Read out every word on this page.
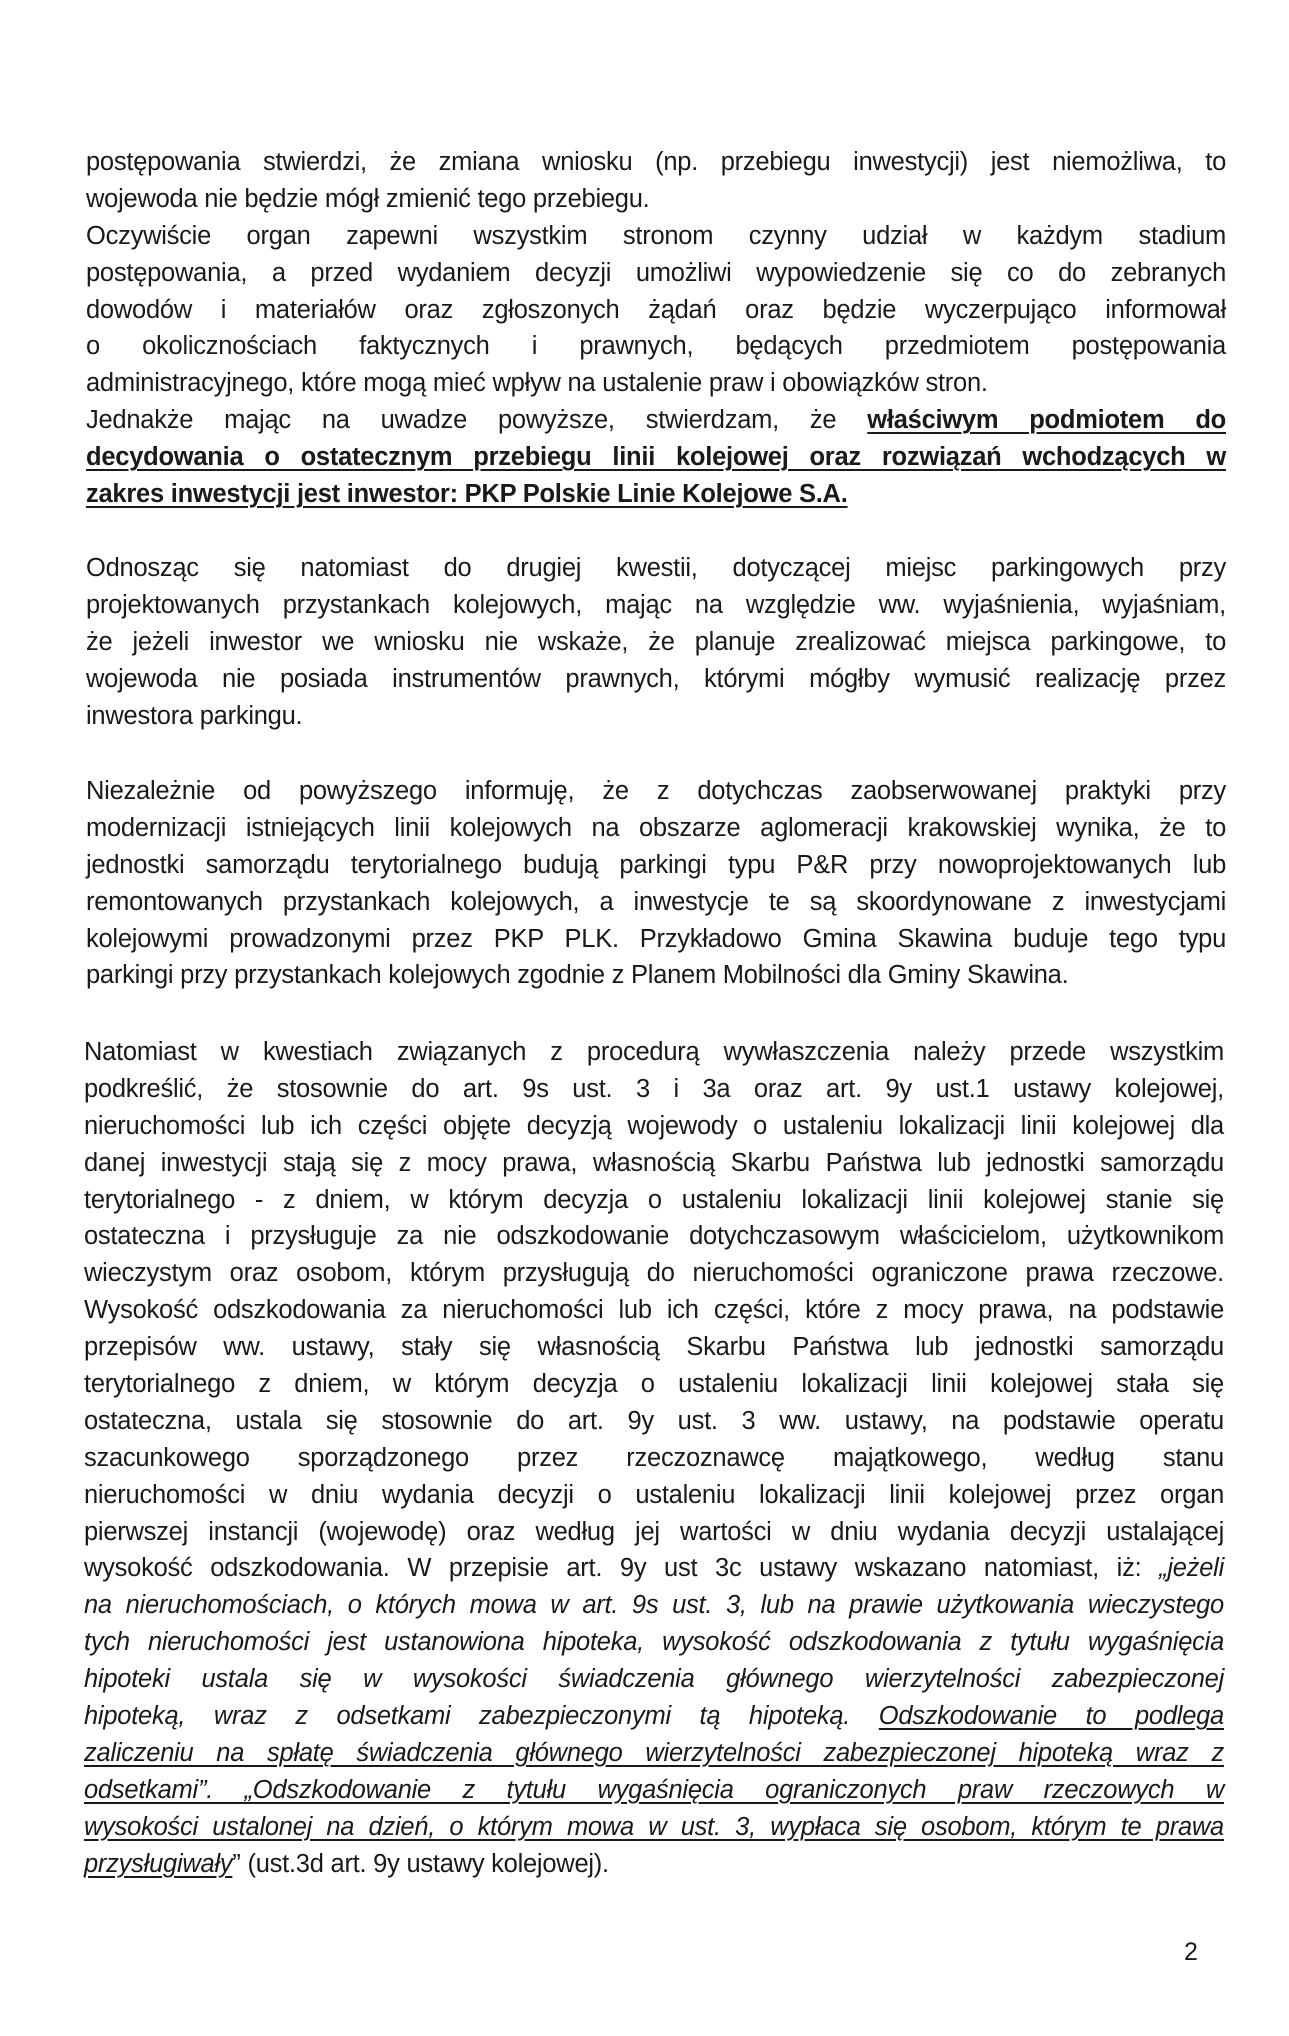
postępowania stwierdzi, że zmiana wniosku (np. przebiegu inwestycji) jest niemożliwa, to
wojewoda nie będzie mógł zmienić tego przebiegu.
Oczywiście organ zapewni wszystkim stronom czynny udział w każdym stadium
postępowania, a przed wydaniem decyzji umożliwi wypowiedzenie się co do zebranych
dowodów i materiałów oraz zgłoszonych żądań oraz będzie wyczerpująco informował
o okolicznościach faktycznych i prawnych, będących przedmiotem postępowania
administracyjnego, które mogą mieć wpływ na ustalenie praw i obowiązków stron.
Jednakże mając na uwadze powyższe, stwierdzam, że właściwym podmiotem do
decydowania o ostatecznym przebiegu linii kolejowej oraz rozwiązań wchodzących w
zakres inwestycji jest inwestor: PKP Polskie Linie Kolejowe S.A.
Odnosząc się natomiast do drugiej kwestii, dotyczącej miejsc parkingowych przy
projektowanych przystankach kolejowych, mając na względzie ww. wyjaśnienia, wyjaśniam,
że jeżeli inwestor we wniosku nie wskaże, że planuje zrealizować miejsca parkingowe, to
wojewoda nie posiada instrumentów prawnych, którymi mógłby wymusić realizację przez
inwestora parkingu.
Niezależnie od powyższego informuję, że z dotychczas zaobserwowanej praktyki przy
modernizacji istniejących linii kolejowych na obszarze aglomeracji krakowskiej wynika, że to
jednostki samorządu terytorialnego budują parkingi typu P&R przy nowoprojektowanych lub
remontowanych przystankach kolejowych, a inwestycje te są skoordynowane z inwestycjami
kolejowymi prowadzonymi przez PKP PLK. Przykładowo Gmina Skawina buduje tego typu
parkingi przy przystankach kolejowych zgodnie z Planem Mobilności dla Gminy Skawina.
Natomiast w kwestiach związanych z procedurą wywłaszczenia należy przede wszystkim
podkreślić, że stosownie do art. 9s ust. 3 i 3a oraz art. 9y ust.1 ustawy kolejowej,
nieruchomości lub ich części objęte decyzją wojewody o ustaleniu lokalizacji linii kolejowej dla
danej inwestycji stają się z mocy prawa, własnością Skarbu Państwa lub jednostki samorządu
terytorialnego - z dniem, w którym decyzja o ustaleniu lokalizacji linii kolejowej stanie się
ostateczna i przysługuje za nie odszkodowanie dotychczasowym właścicielom, użytkownikom
wieczystym oraz osobom, którym przysługują do nieruchomości ograniczone prawa rzeczowe.
Wysokość odszkodowania za nieruchomości lub ich części, które z mocy prawa, na podstawie
przepisów ww. ustawy, stały się własnością Skarbu Państwa lub jednostki samorządu
terytorialnego z dniem, w którym decyzja o ustaleniu lokalizacji linii kolejowej stała się
ostateczna, ustala się stosownie do art. 9y ust. 3 ww. ustawy, na podstawie operatu
szacunkowego sporządzonego przez rzeczoznawcę majątkowego, według stanu
nieruchomości w dniu wydania decyzji o ustaleniu lokalizacji linii kolejowej przez organ
pierwszej instancji (wojewodę) oraz według jej wartości w dniu wydania decyzji ustalającej
wysokość odszkodowania. W przepisie art. 9y ust 3c ustawy wskazano natomiast, iż: „jeżeli
na nieruchomościach, o których mowa w art. 9s ust. 3, lub na prawie użytkowania wieczystego
tych nieruchomości jest ustanowiona hipoteka, wysokość odszkodowania z tytułu wygaśnięcia
hipoteki ustala się w wysokości świadczenia głównego wierzytelności zabezpieczonej
hipoteką, wraz z odsetkami zabezpieczonymi tą hipoteką. Odszkodowanie to podlega
zaliczeniu na spłatę świadczenia głównego wierzytelności zabezpieczonej hipoteką wraz z
odsetkami”. „Odszkodowanie z tytułu wygaśnięcia ograniczonych praw rzeczowych w
wysokości ustalonej na dzień, o którym mowa w ust. 3, wypłaca się osobom, którym te prawa
przysługiwały” (ust.3d art. 9y ustawy kolejowej).
2
